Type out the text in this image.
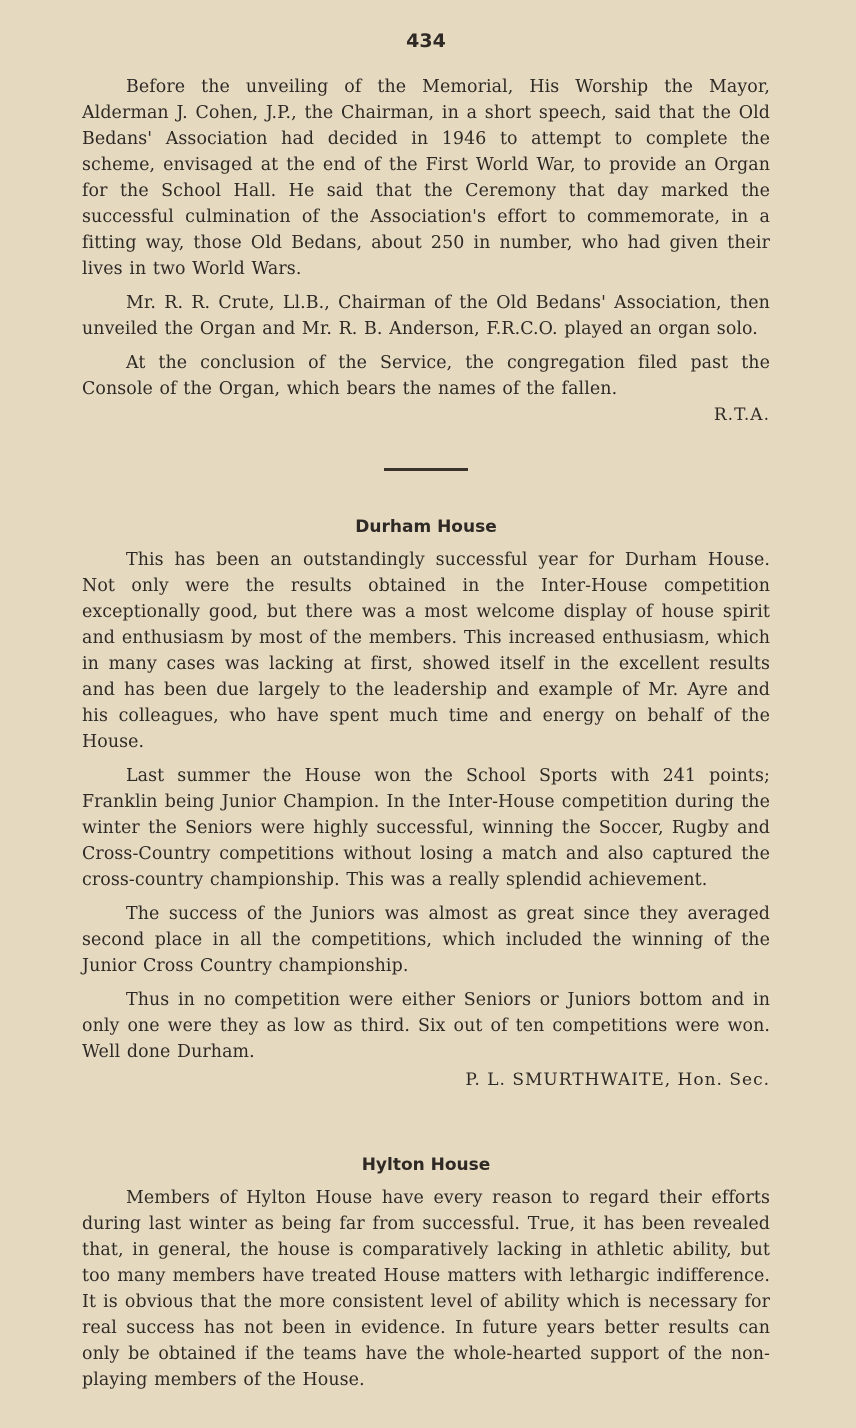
434

Before the unveiling of the Memorial, His Worship the Mayor, Alderman J. Cohen, J.P., the Chairman, in a short speech, said that the Old Bedans' Association had decided in 1946 to attempt to complete the scheme, envisaged at the end of the First World War, to provide an Organ for the School Hall. He said that the Ceremony that day marked the successful culmination of the Association's effort to commemorate, in a fitting way, those Old Bedans, about 250 in number, who had given their lives in two World Wars.

Mr. R. R. Crute, Ll.B., Chairman of the Old Bedans' Association, then unveiled the Organ and Mr. R. B. Anderson, F.R.C.O. played an organ solo.

At the conclusion of the Service, the congregation filed past the Console of the Organ, which bears the names of the fallen.

R.T.A.
Durham House

This has been an outstandingly successful year for Durham House. Not only were the results obtained in the Inter-House competition exceptionally good, but there was a most welcome display of house spirit and enthusiasm by most of the members. This increased enthusiasm, which in many cases was lacking at first, showed itself in the excellent results and has been due largely to the leadership and example of Mr. Ayre and his colleagues, who have spent much time and energy on behalf of the House.

Last summer the House won the School Sports with 241 points; Franklin being Junior Champion. In the Inter-House competition during the winter the Seniors were highly successful, winning the Soccer, Rugby and Cross-Country competitions without losing a match and also captured the cross-country championship. This was a really splendid achievement.

The success of the Juniors was almost as great since they averaged second place in all the competitions, which included the winning of the Junior Cross Country championship.

Thus in no competition were either Seniors or Juniors bottom and in only one were they as low as third. Six out of ten competitions were won. Well done Durham.

P. L. SMURTHWAITE, Hon. Sec.
Hylton House

Members of Hylton House have every reason to regard their efforts during last winter as being far from successful. True, it has been revealed that, in general, the house is comparatively lacking in athletic ability, but too many members have treated House matters with lethargic indifference. It is obvious that the more consistent level of ability which is necessary for real success has not been in evidence. In future years better results can only be obtained if the teams have the whole-hearted support of the non-playing members of the House.
